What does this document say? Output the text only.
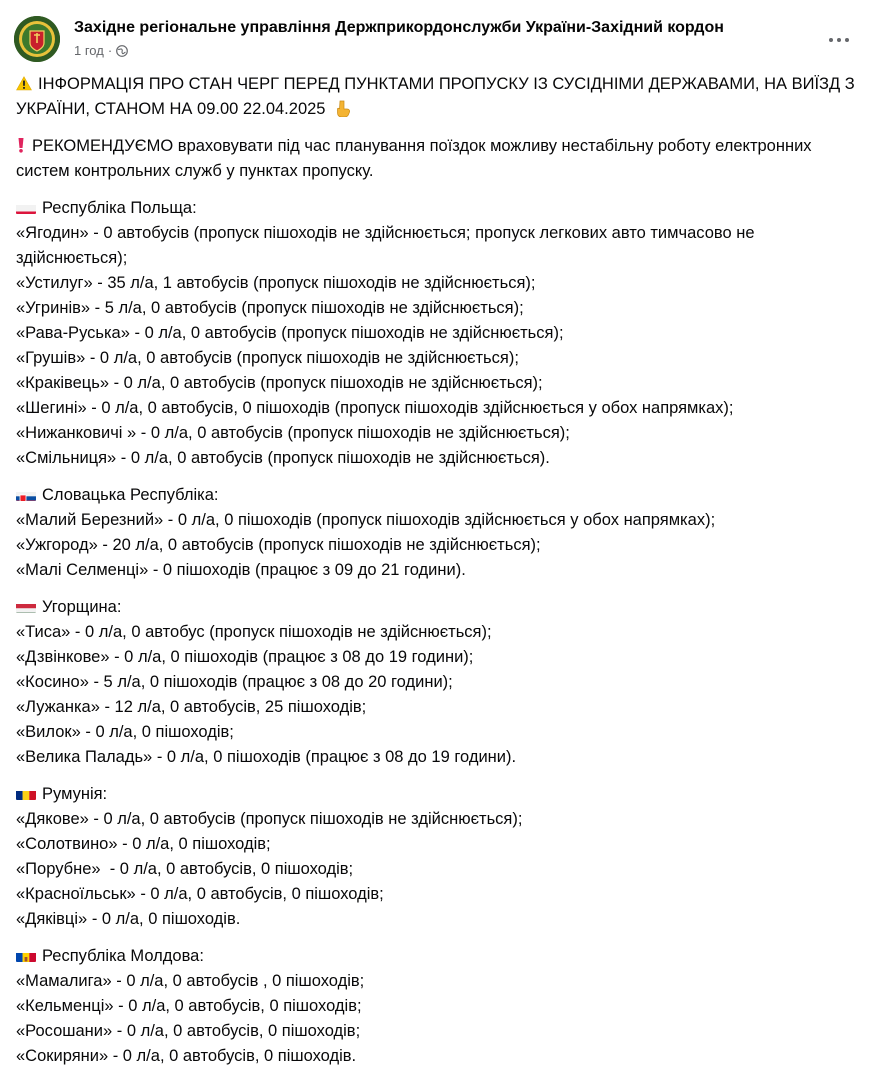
Західне регіональне управління Держприкордонслужби України-Західний кордон
1 год ·

ІНФОРМАЦІЯ ПРО СТАН ЧЕРГ ПЕРЕД ПУНКТАМИ ПРОПУСКУ ІЗ СУСІДНІМИ ДЕРЖАВАМИ, НА ВИЇЗД З УКРАЇНИ, СТАНОМ НА 09.00 22.04.2025

РЕКОМЕНДУЄМО враховувати під час планування поїздок можливу нестабільну роботу електронних систем контрольних служб у пунктах пропуску.

Республіка Польща:
«Ягодин» - 0 автобусів (пропуск пішоходів не здійснюється; пропуск легкових авто тимчасово не здійснюється);
«Устилуг» - 35 л/а, 1 автобусів (пропуск пішоходів не здійснюється);
«Угринів» - 5 л/а, 0 автобусів (пропуск пішоходів не здійснюється);
«Рава-Руська» - 0 л/а, 0 автобусів (пропуск пішоходів не здійснюється);
«Грушів» - 0 л/а, 0 автобусів (пропуск пішоходів не здійснюється);
«Краківець» - 0 л/а, 0 автобусів (пропуск пішоходів не здійснюється);
«Шегині» - 0 л/а, 0 автобусів, 0 пішоходів (пропуск пішоходів здійснюється у обох напрямках);
«Нижанковичі » - 0 л/а, 0 автобусів (пропуск пішоходів не здійснюється);
«Смільниця» - 0 л/а, 0 автобусів (пропуск пішоходів не здійснюється).
Словацька Республіка:
«Малий Березний» - 0 л/а, 0 пішоходів (пропуск пішоходів здійснюється у обох напрямках);
«Ужгород» - 20 л/а, 0 автобусів (пропуск пішоходів не здійснюється);
«Малі Селменці» - 0 пішоходів (працює з 09 до 21 години).
Угорщина:
«Тиса» - 0 л/а, 0 автобус (пропуск пішоходів не здійснюється);
«Дзвінкове» - 0 л/а, 0 пішоходів (працює з 08 до 19 години);
«Косино» - 5 л/а, 0 пішоходів (працює з 08 до 20 години);
«Лужанка» - 12 л/а, 0 автобусів, 25 пішоходів;
«Вилок» - 0 л/а, 0 пішоходів;
«Велика Паладь» - 0 л/а, 0 пішоходів (працює з 08 до 19 години).
Румунія:
«Дякове» - 0 л/а, 0 автобусів (пропуск пішоходів не здійснюється);
«Солотвино» - 0 л/а, 0 пішоходів;
«Порубне»  - 0 л/а, 0 автобусів, 0 пішоходів;
«Красноїльськ» - 0 л/а, 0 автобусів, 0 пішоходів;
«Дяківці» - 0 л/а, 0 пішоходів.
Республіка Молдова:
«Мамалига» - 0 л/а, 0 автобусів , 0 пішоходів;
«Кельменці» - 0 л/а, 0 автобусів, 0 пішоходів;
«Росошани» - 0 л/а, 0 автобусів, 0 пішоходів;
«Сокиряни» - 0 л/а, 0 автобусів, 0 пішоходів.
